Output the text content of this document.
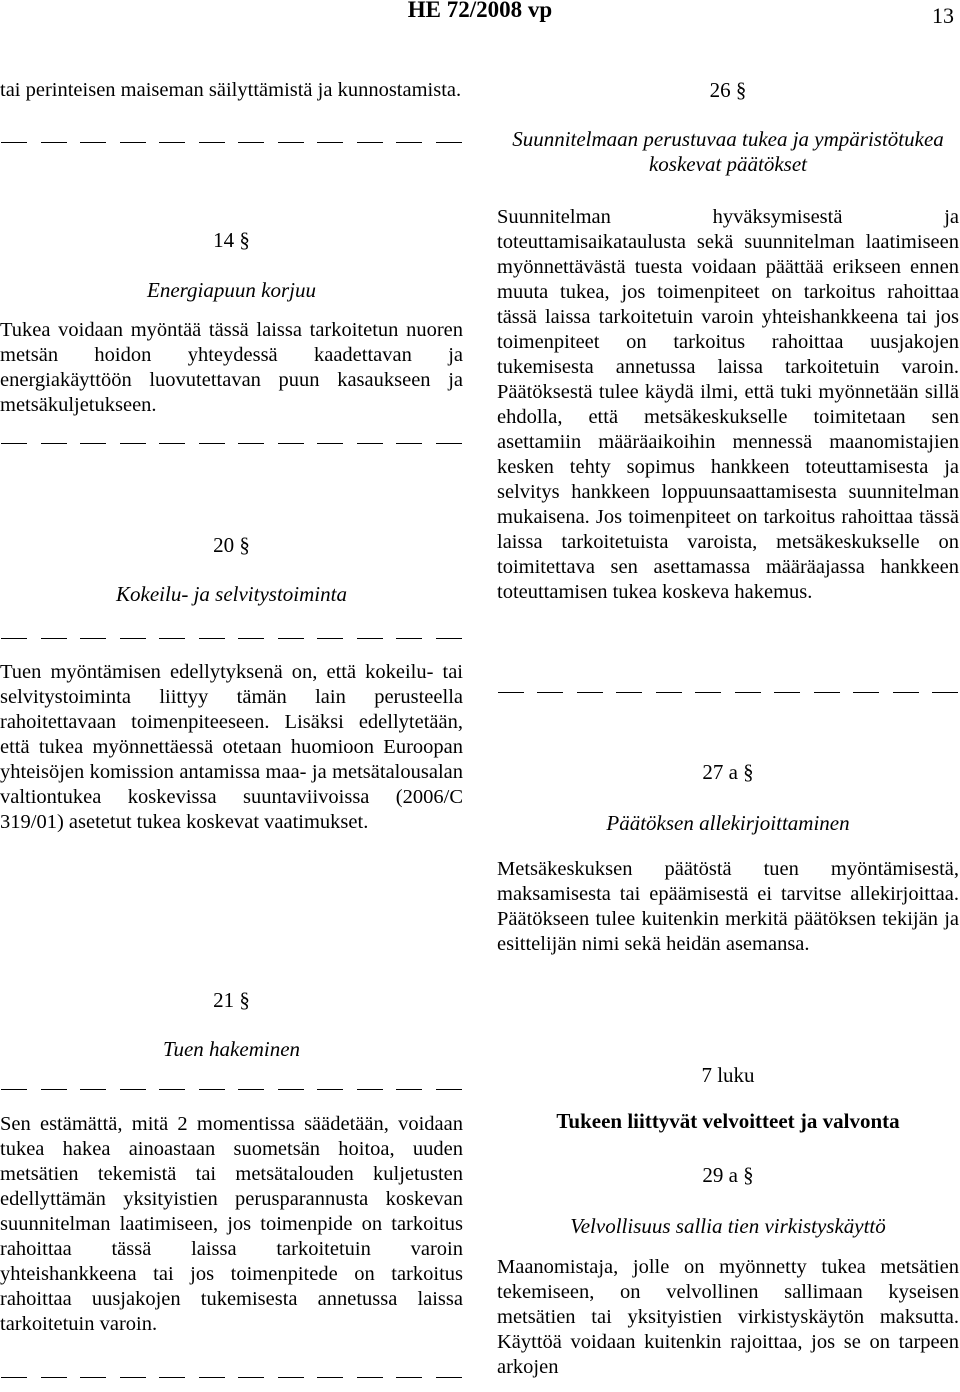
HE 72/2008 vp	13

tai perinteisen maiseman säilyttämistä ja kunnostamista.

14 §

Energiapuun korjuu

Tukea voidaan myöntää tässä laissa tarkoitetun nuoren metsän hoidon yhteydessä kaadettavan ja energiakäyttöön luovutettavan puun kasaukseen ja metsäkuljetukseen.

20 §

Kokeilu- ja selvitystoiminta

Tuen myöntämisen edellytyksenä on, että kokeilu- tai selvitystoiminta liittyy tämän lain perusteella rahoitettavaan toimenpiteeseen. Lisäksi edellytetään, että tukea myönnettäessä otetaan huomioon Euroopan yhteisöjen komission antamissa maa- ja metsätalousalan valtiontukea koskevissa suuntaviivoissa (2006/C 319/01) asetetut tukea koskevat vaatimukset.

21 §

Tuen hakeminen

Sen estämättä, mitä 2 momentissa säädetään, voidaan tukea hakea ainoastaan suometsän hoitoa, uuden metsätien tekemistä tai metsätalouden kuljetusten edellyttämän yksityistien perusparannusta koskevan suunnitelman laatimiseen, jos toimenpide on tarkoitus rahoittaa tässä laissa tarkoitetuin varoin yhteishankkeena tai jos toimenpitede on tarkoitus rahoittaa uusjakojen tukemisesta annetussa laissa tarkoitetuin varoin.

26 §

Suunnitelmaan perustuvaa tukea ja ympäristötukea koskevat päätökset

Suunnitelman hyväksymisestä ja toteuttamisaikataulusta sekä suunnitelman laatimiseen myönnettävästä tuesta voidaan päättää erikseen ennen muuta tukea, jos toimenpiteet on tarkoitus rahoittaa tässä laissa tarkoitetuin varoin yhteishankkeena tai jos toimenpiteet on tarkoitus rahoittaa uusjakojen tukemisesta annetussa laissa tarkoitetuin varoin. Päätöksestä tulee käydä ilmi, että tuki myönnetään sillä ehdolla, että metsäkeskukselle toimitetaan sen asettamiin määräaikoihin mennessä maanomistajien kesken tehty sopimus hankkeen toteuttamisesta ja selvitys hankkeen loppuunsaattamisesta suunnitelman mukaisena. Jos toimenpiteet on tarkoitus rahoittaa tässä laissa tarkoitetuista varoista, metsäkeskukselle on toimitettava sen asettamassa määräajassa hankkeen toteuttamisen tukea koskeva hakemus.

27 a §

Päätöksen allekirjoittaminen

Metsäkeskuksen päätöstä tuen myöntämisestä, maksamisesta tai epäämisestä ei tarvitse allekirjoittaa. Päätökseen tulee kuitenkin merkitä päätöksen tekijän ja esittelijän nimi sekä heidän asemansa.

7 luku

Tukeen liittyvät velvoitteet ja valvonta

29 a §

Velvollisuus sallia tien virkistyskäyttö

Maanomistaja, jolle on myönnetty tukea metsätien tekemiseen, on velvollinen sallimaan kyseisen metsätien tai yksityistien virkistyskäytön maksutta. Käyttöä voidaan kuitenkin rajoittaa, jos se on tarpeen arkojen
